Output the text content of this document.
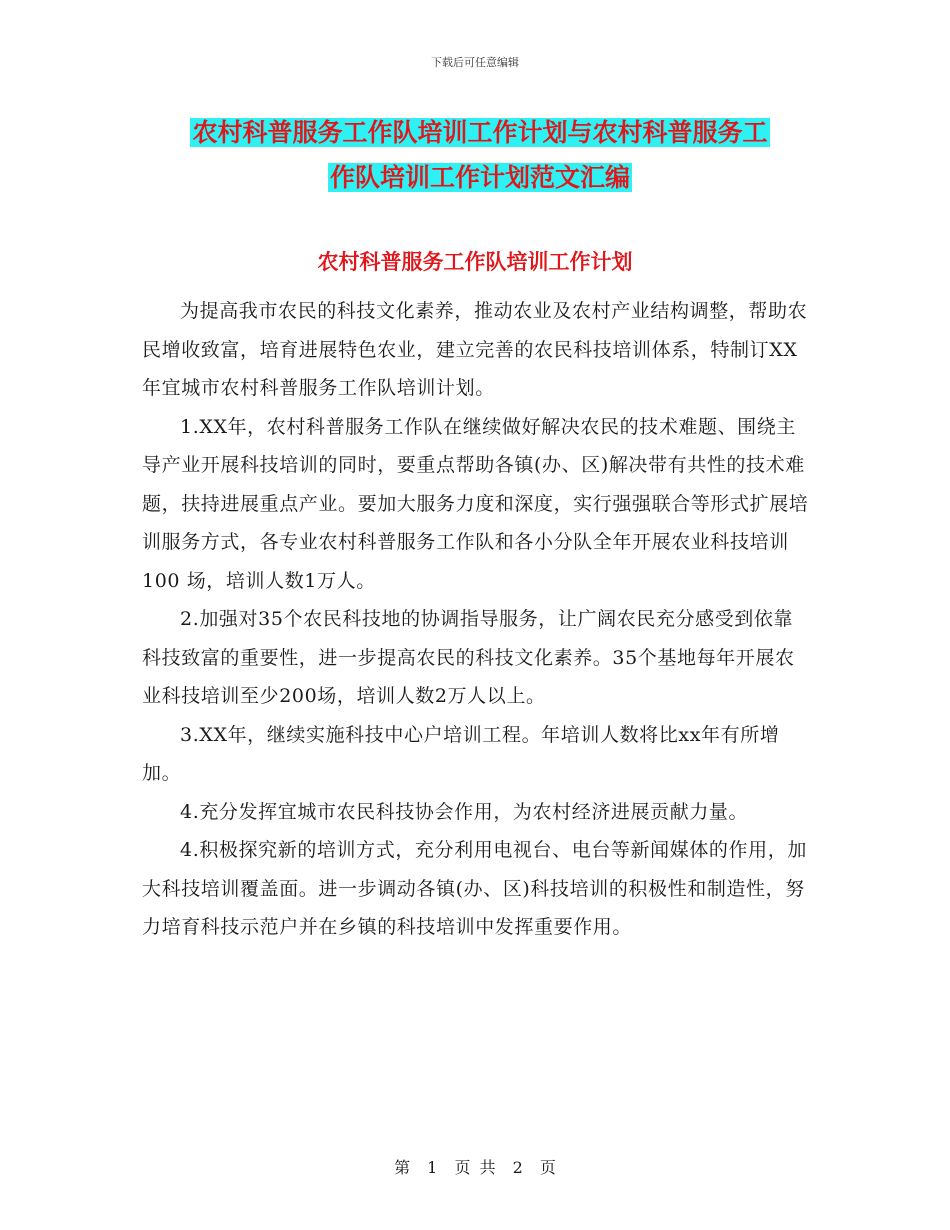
下载后可任意编辑
农村科普服务工作队培训工作计划与农村科普服务工
作队培训工作计划范文汇编
农村科普服务工作队培训工作计划

为提高我市农民的科技文化素养，推动农业及农村产业结构调整，帮助农民增收致富，培育进展特色农业，建立完善的农民科技培训体系，特制订XX年宜城市农村科普服务工作队培训计划。

1.XX年，农村科普服务工作队在继续做好解决农民的技术难题、围绕主导产业开展科技培训的同时，要重点帮助各镇(办、区)解决带有共性的技术难题，扶持进展重点产业。要加大服务力度和深度，实行强强联合等形式扩展培训服务方式，各专业农村科普服务工作队和各小分队全年开展农业科技培训100 场，培训人数1万人。

2.加强对35个农民科技地的协调指导服务，让广阔农民充分感受到依靠科技致富的重要性，进一步提高农民的科技文化素养。35个基地每年开展农业科技培训至少200场，培训人数2万人以上。

3.XX年，继续实施科技中心户培训工程。年培训人数将比xx年有所增加。

4.充分发挥宜城市农民科技协会作用，为农村经济进展贡献力量。

4.积极探究新的培训方式，充分利用电视台、电台等新闻媒体的作用，加大科技培训覆盖面。进一步调动各镇(办、区)科技培训的积极性和制造性，努力培育科技示范户并在乡镇的科技培训中发挥重要作用。

第 1 页 共 2 页
